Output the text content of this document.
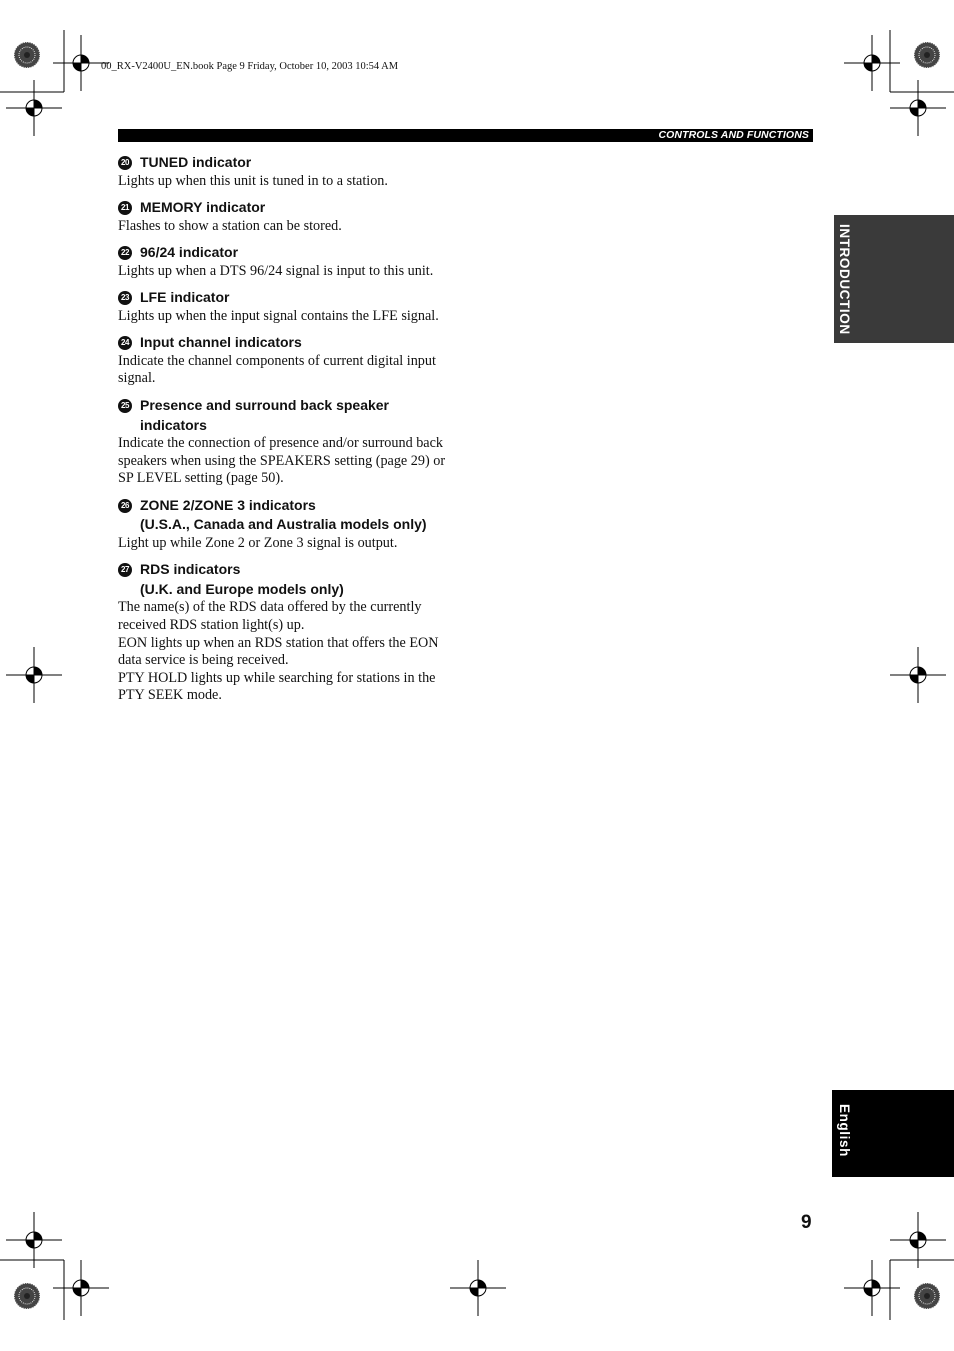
00_RX-V2400U_EN.book Page 9 Friday, October 10, 2003 10:54 AM
CONTROLS AND FUNCTIONS
20 TUNED indicator

Lights up when this unit is tuned in to a station.

21 MEMORY indicator

Flashes to show a station can be stored.

22 96/24 indicator

Lights up when a DTS 96/24 signal is input to this unit.

23 LFE indicator

Lights up when the input signal contains the LFE signal.

24 Input channel indicators

Indicate the channel components of current digital input signal.

25 Presence and surround back speaker
indicators

Indicate the connection of presence and/or surround back speakers when using the SPEAKERS setting (page 29) or SP LEVEL setting (page 50).

26 ZONE 2/ZONE 3 indicators
(U.S.A., Canada and Australia models only)

Light up while Zone 2 or Zone 3 signal is output.

27 RDS indicators
(U.K. and Europe models only)

The name(s) of the RDS data offered by the currently received RDS station light(s) up.

EON lights up when an RDS station that offers the EON data service is being received.

PTY HOLD lights up while searching for stations in the PTY SEEK mode.

INTRODUCTION
English
9
